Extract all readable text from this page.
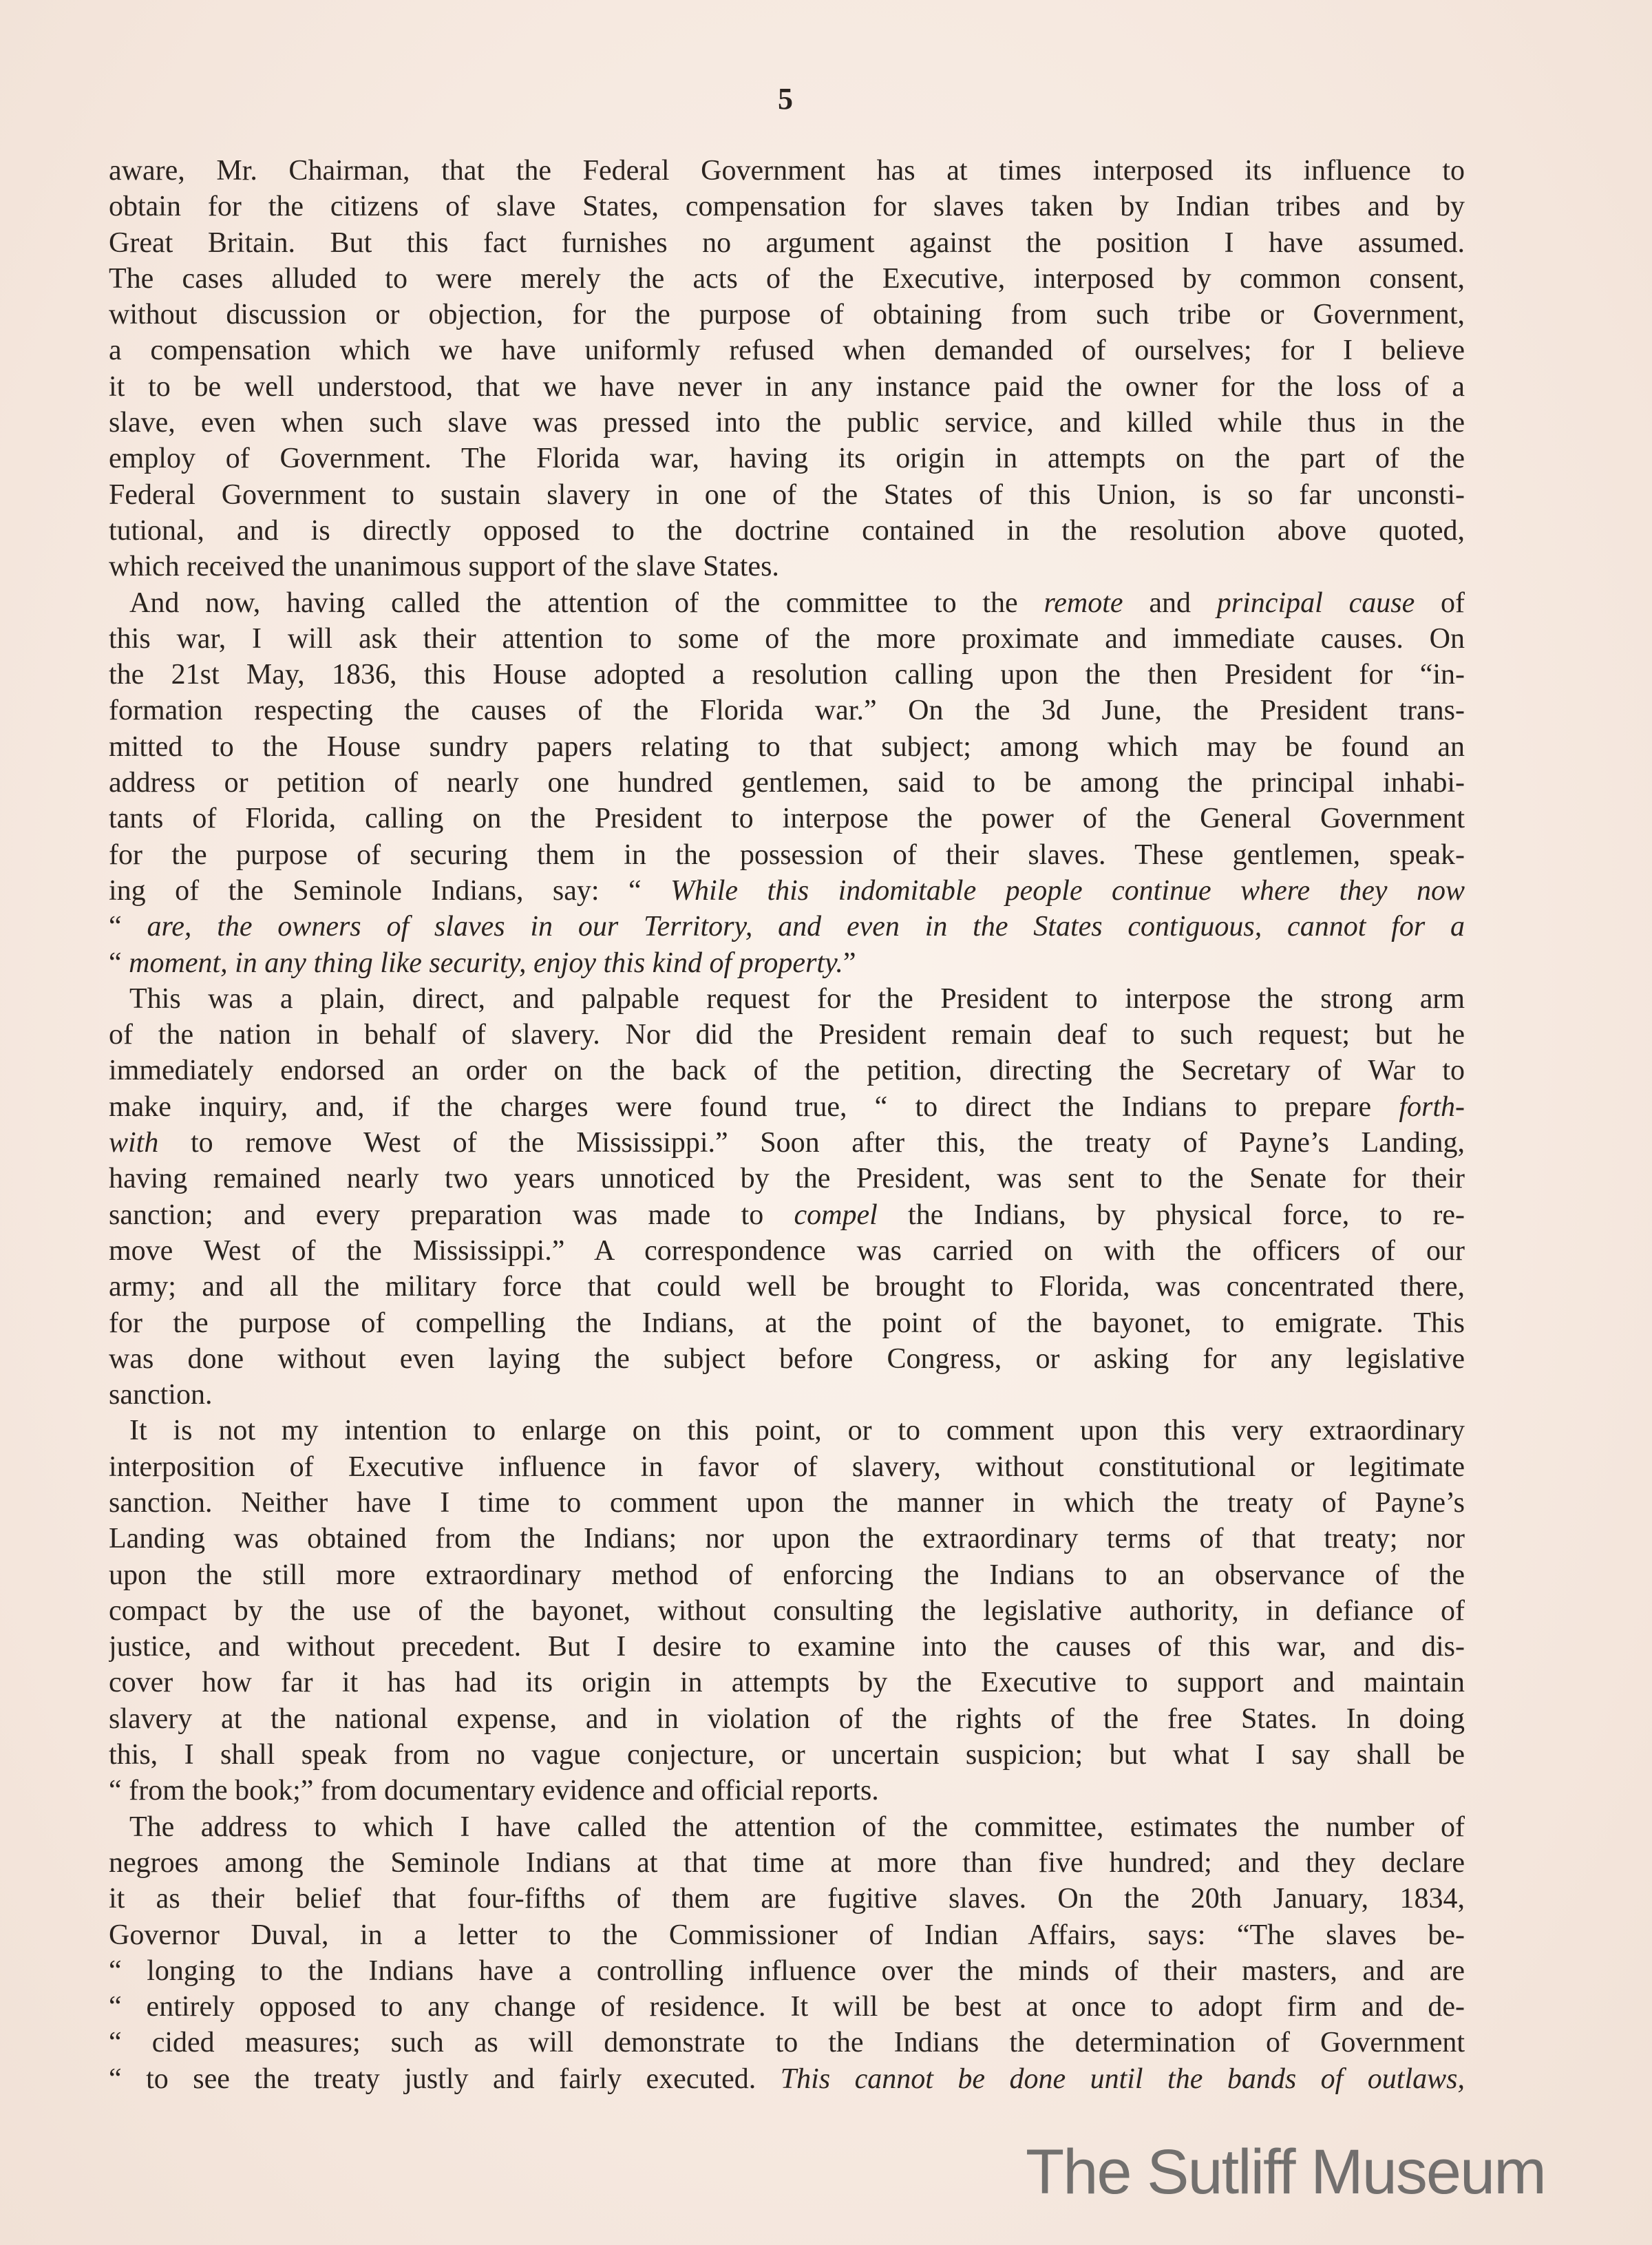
5
aware, Mr. Chairman, that the Federal Government has at times interposed its influence to
obtain for the citizens of slave States, compensation for slaves taken by Indian tribes and by
Great Britain. But this fact furnishes no argument against the position I have assumed.
The cases alluded to were merely the acts of the Executive, interposed by common consent,
without discussion or objection, for the purpose of obtaining from such tribe or Government,
a compensation which we have uniformly refused when demanded of ourselves; for I believe
it to be well understood, that we have never in any instance paid the owner for the loss of a
slave, even when such slave was pressed into the public service, and killed while thus in the
employ of Government. The Florida war, having its origin in attempts on the part of the
Federal Government to sustain slavery in one of the States of this Union, is so far unconsti-
tutional, and is directly opposed to the doctrine contained in the resolution above quoted,
which received the unanimous support of the slave States.
And now, having called the attention of the committee to the remote and principal cause of
this war, I will ask their attention to some of the more proximate and immediate causes. On
the 21st May, 1836, this House adopted a resolution calling upon the then President for “in-
formation respecting the causes of the Florida war.” On the 3d June, the President trans-
mitted to the House sundry papers relating to that subject; among which may be found an
address or petition of nearly one hundred gentlemen, said to be among the principal inhabi-
tants of Florida, calling on the President to interpose the power of the General Government
for the purpose of securing them in the possession of their slaves. These gentlemen, speak-
ing of the Seminole Indians, say: “ While this indomitable people continue where they now
“ are, the owners of slaves in our Territory, and even in the States contiguous, cannot for a
“ moment, in any thing like security, enjoy this kind of property.”
This was a plain, direct, and palpable request for the President to interpose the strong arm
of the nation in behalf of slavery. Nor did the President remain deaf to such request; but he
immediately endorsed an order on the back of the petition, directing the Secretary of War to
make inquiry, and, if the charges were found true, “ to direct the Indians to prepare forth-
with to remove West of the Mississippi.” Soon after this, the treaty of Payne’s Landing,
having remained nearly two years unnoticed by the President, was sent to the Senate for their
sanction; and every preparation was made to compel the Indians, by physical force, to re-
move West of the Mississippi.” A correspondence was carried on with the officers of our
army; and all the military force that could well be brought to Florida, was concentrated there,
for the purpose of compelling the Indians, at the point of the bayonet, to emigrate. This
was done without even laying the subject before Congress, or asking for any legislative
sanction.
It is not my intention to enlarge on this point, or to comment upon this very extraordinary
interposition of Executive influence in favor of slavery, without constitutional or legitimate
sanction. Neither have I time to comment upon the manner in which the treaty of Payne’s
Landing was obtained from the Indians; nor upon the extraordinary terms of that treaty; nor
upon the still more extraordinary method of enforcing the Indians to an observance of the
compact by the use of the bayonet, without consulting the legislative authority, in defiance of
justice, and without precedent. But I desire to examine into the causes of this war, and dis-
cover how far it has had its origin in attempts by the Executive to support and maintain
slavery at the national expense, and in violation of the rights of the free States. In doing
this, I shall speak from no vague conjecture, or uncertain suspicion; but what I say shall be
“ from the book;” from documentary evidence and official reports.
The address to which I have called the attention of the committee, estimates the number of
negroes among the Seminole Indians at that time at more than five hundred; and they declare
it as their belief that four-fifths of them are fugitive slaves. On the 20th January, 1834,
Governor Duval, in a letter to the Commissioner of Indian Affairs, says: “The slaves be-
“ longing to the Indians have a controlling influence over the minds of their masters, and are
“ entirely opposed to any change of residence. It will be best at once to adopt firm and de-
“ cided measures; such as will demonstrate to the Indians the determination of Government
“ to see the treaty justly and fairly executed. This cannot be done until the bands of outlaws,
The Sutliff Museum
